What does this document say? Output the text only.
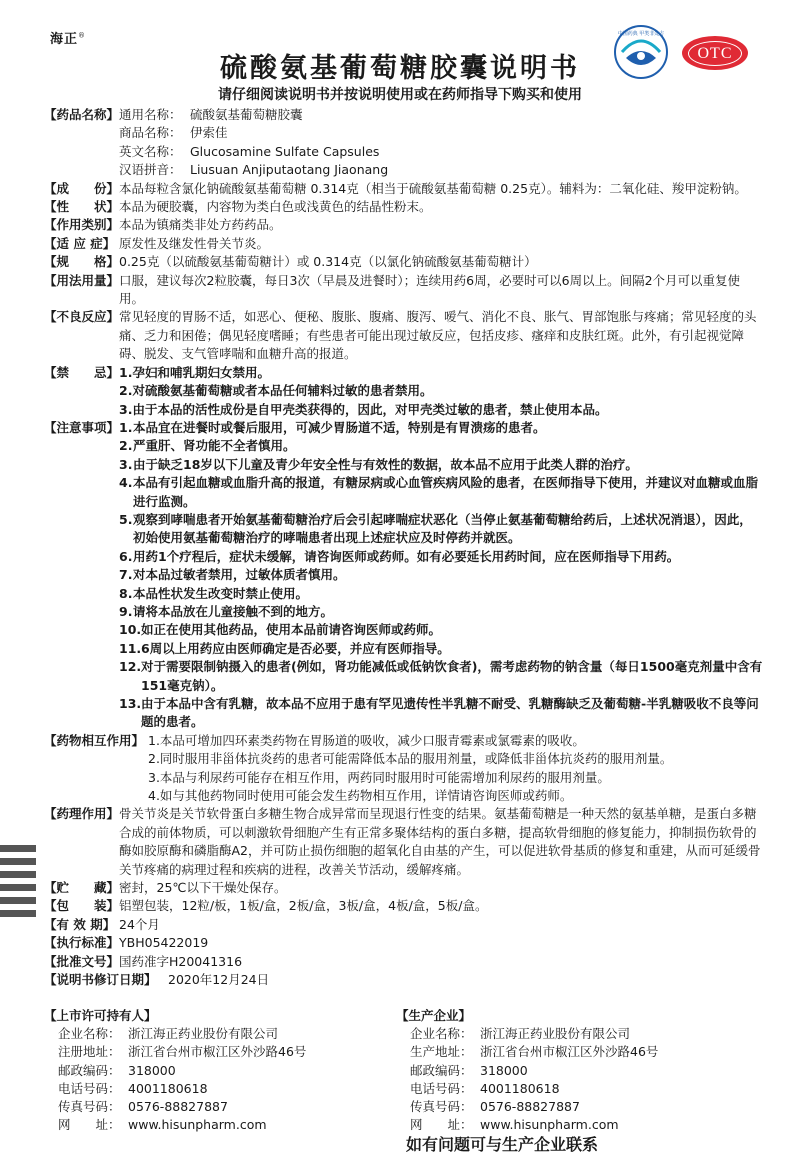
海正®	中国药典 甲类非处方
OTC
硫酸氨基葡萄糖胶囊说明书
请仔细阅读说明书并按说明使用或在药师指导下购买和使用
【药品名称】 通用名称： 硫酸氨基葡萄糖胶囊
商品名称： 伊索佳
英文名称： Glucosamine Sulfate Capsules
汉语拼音： Liusuan Anjiputaotang Jiaonang
【成　　份】 本品每粒含氯化钠硫酸氨基葡萄糖 0.314克（相当于硫酸氨基葡萄糖 0.25克）。辅料为：二氧化硅、羧甲淀粉钠。
【性　　状】 本品为硬胶囊，内容物为类白色或浅黄色的结晶性粉末。
【作用类别】 本品为镇痛类非处方药药品。
【适 应 症】 原发性及继发性骨关节炎。
【规　　格】 0.25克（以硫酸氨基葡萄糖计）或 0.314克（以氯化钠硫酸氨基葡萄糖计）
【用法用量】 口服，建议每次2粒胶囊，每日3次（早晨及进餐时）；连续用药6周，必要时可以6周以上。间隔2个月可以重复使用。
【不良反应】 常见轻度的胃肠不适，如恶心、便秘、腹胀、腹痛、腹泻、嗳气、消化不良、胀气、胃部饱胀与疼痛；常见轻度的头痛、乏力和困倦；偶见轻度嗜睡；有些患者可能出现过敏反应，包括皮疹、瘙痒和皮肤红斑。此外，有引起视觉障碍、脱发、支气管哮喘和血糖升高的报道。
【禁　　忌】 1.孕妇和哺乳期妇女禁用。
2.对硫酸氨基葡萄糖或者本品任何辅料过敏的患者禁用。
3.由于本品的活性成份是自甲壳类获得的，因此，对甲壳类过敏的患者，禁止使用本品。
【注意事项】 1. 本品宜在进餐时或餐后服用，可减少胃肠道不适，特别是有胃溃疡的患者。
2. 严重肝、肾功能不全者慎用。
3. 由于缺乏18岁以下儿童及青少年安全性与有效性的数据，故本品不应用于此类人群的治疗。
4. 本品有引起血糖或血脂升高的报道，有糖尿病或心血管疾病风险的患者，在医师指导下使用，并建议对血糖或血脂进行监测。
5. 观察到哮喘患者开始氨基葡萄糖治疗后会引起哮喘症状恶化（当停止氨基葡萄糖给药后，上述状况消退），因此，初始使用氨基葡萄糖治疗的哮喘患者出现上述症状应及时停药并就医。
6. 用药1个疗程后，症状未缓解，请咨询医师或药师。如有必要延长用药时间，应在医师指导下用药。
7. 对本品过敏者禁用，过敏体质者慎用。
8. 本品性状发生改变时禁止使用。
9. 请将本品放在儿童接触不到的地方。
10. 如正在使用其他药品，使用本品前请咨询医师或药师。
11. 6周以上用药应由医师确定是否必要，并应有医师指导。
12. 对于需要限制钠摄入的患者(例如，肾功能减低或低钠饮食者)，需考虑药物的钠含量（每日1500毫克剂量中含有151毫克钠）。
13. 由于本品中含有乳糖，故本品不应用于患有罕见遗传性半乳糖不耐受、乳糖酶缺乏及葡萄糖-半乳糖吸收不良等问题的患者。
【药物相互作用】 1.本品可增加四环素类药物在胃肠道的吸收，减少口服青霉素或氯霉素的吸收。
2.同时服用非甾体抗炎药的患者可能需降低本品的服用剂量，或降低非甾体抗炎药的服用剂量。
3.本品与利尿药可能存在相互作用，两药同时服用时可能需增加利尿药的服用剂量。
4.如与其他药物同时使用可能会发生药物相互作用，详情请咨询医师或药师。
【药理作用】 骨关节炎是关节软骨蛋白多糖生物合成异常而呈现退行性变的结果。氨基葡萄糖是一种天然的氨基单糖，是蛋白多糖合成的前体物质，可以刺激软骨细胞产生有正常多聚体结构的蛋白多糖，提高软骨细胞的修复能力，抑制损伤软骨的酶如胶原酶和磷脂酶A2，并可防止损伤细胞的超氧化自由基的产生，可以促进软骨基质的修复和重建，从而可延缓骨关节疼痛的病理过程和疾病的进程，改善关节活动，缓解疼痛。
【贮　　藏】 密封，25℃以下干燥处保存。
【包　　装】 铝塑包装，12粒/板，1板/盒，2板/盒，3板/盒，4板/盒，5板/盒。
【有 效 期】 24个月
【执行标准】 YBH05422019
【批准文号】 国药准字H20041316
【说明书修订日期】 2020年12月24日
【上市许可持有人】
企业名称： 浙江海正药业股份有限公司
注册地址： 浙江省台州市椒江区外沙路46号
邮政编码： 318000
电话号码： 4001180618
传真号码： 0576-88827887
网　　址： www.hisunpharm.com
【生产企业】
企业名称： 浙江海正药业股份有限公司
生产地址： 浙江省台州市椒江区外沙路46号
邮政编码： 318000
电话号码： 4001180618
传真号码： 0576-88827887
网　　址： www.hisunpharm.com
如有问题可与生产企业联系
